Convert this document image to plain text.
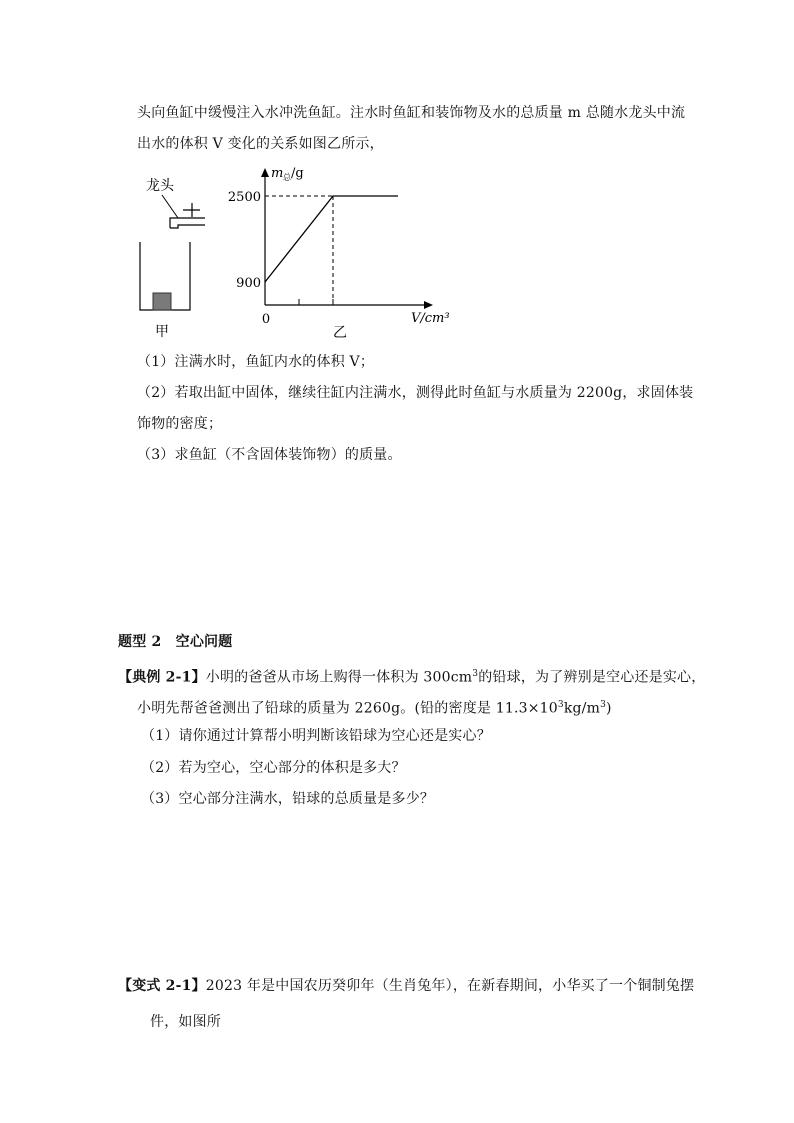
头向鱼缸中缓慢注入水冲洗鱼缸。注水时鱼缸和装饰物及水的总质量 m 总随水龙头中流
出水的体积 V 变化的关系如图乙所示，
龙头
甲
m 总 /g
2500
900
0	V/cm³
乙
（1）注满水时，鱼缸内水的体积 V；
（2）若取出缸中固体，继续往缸内注满水，测得此时鱼缸与水质量为 2200g，求固体装
饰物的密度；
（3）求鱼缸（不含固体装饰物）的质量。
题型 2　空心问题
【典例 2-1】小明的爸爸从市场上购得一体积为 $300cm^3$的铅球，为了辨别是空心还是实心，
小明先帮爸爸测出了铅球的质量为 2260g。(铅的密度是 $11.3\times 10^3kg/m^3$)
（1）请你通过计算帮小明判断该铅球为空心还是实心？
（2）若为空心，空心部分的体积是多大？
（3）空心部分注满水，铅球的总质量是多少？
【变式 2-1】2023 年是中国农历癸卯年（生肖兔年），在新春期间，小华买了一个铜制兔摆
件，如图所
